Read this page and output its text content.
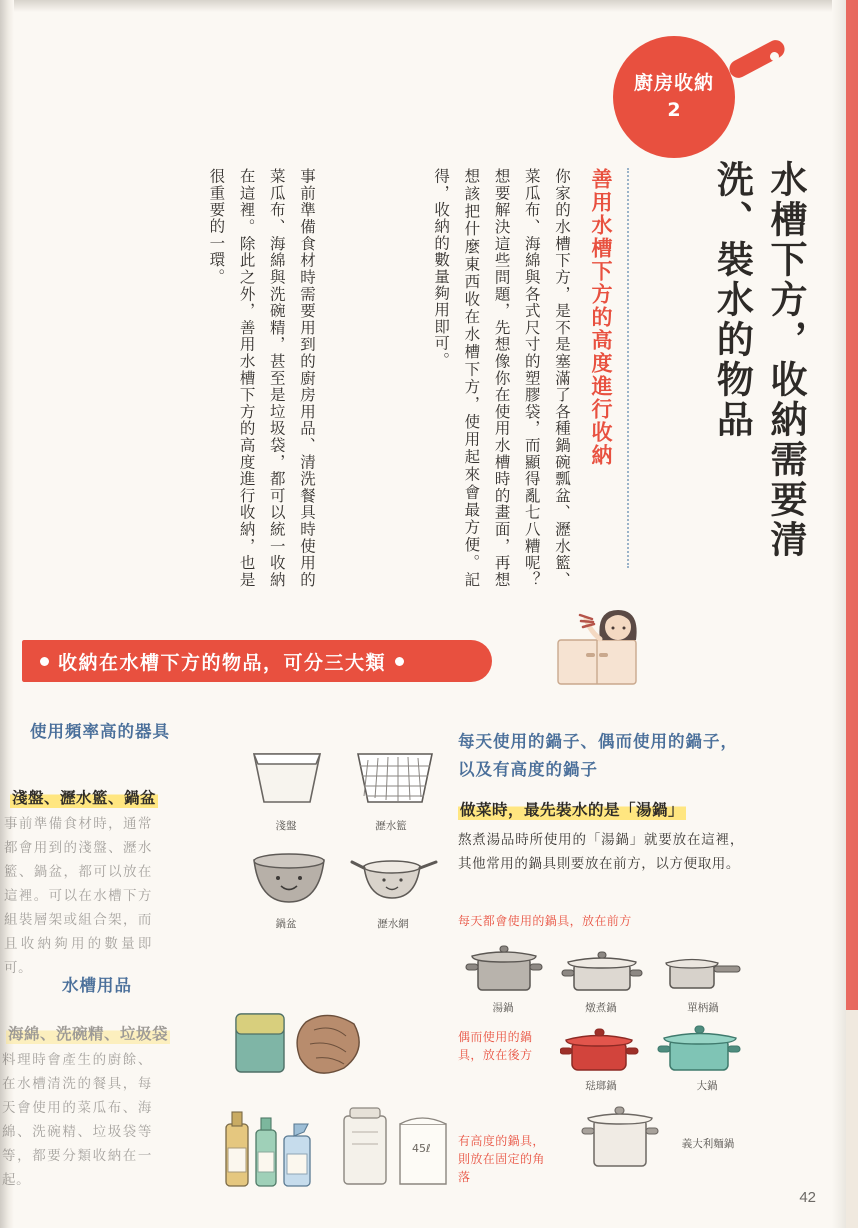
廚房收納
2
水槽下方，收納需要清洗、裝水的物品
善用水槽下方的高度進行收納
你家的水槽下方，是不是塞滿了各種鍋碗瓢盆、瀝水籃、菜瓜布、海綿與各式尺寸的塑膠袋，而顯得亂七八糟呢？想要解決這些問題，先想像你在使用水槽時的畫面，再想想該把什麼東西收在水槽下方，使用起來會最方便。記得，收納的數量夠用即可。
事前準備食材時需要用到的廚房用品、清洗餐具時使用的菜瓜布、海綿與洗碗精，甚至是垃圾袋，都可以統一收納在這裡。除此之外，善用水槽下方的高度進行收納，也是很重要的一環。
收納在水槽下方的物品，可分三大類
使用頻率高的器具
淺盤、瀝水籃、鍋盆
事前準備食材時，通常都會用到的淺盤、瀝水籃、鍋盆，都可以放在這裡。可以在水槽下方組裝層架或組合架，而且收納夠用的數量即可。
水槽用品
海綿、洗碗精、垃圾袋
料理時會產生的廚餘、在水槽清洗的餐具，每天會使用的菜瓜布、海綿、洗碗精、垃圾袋等等，都要分類收納在一起。
淺盤	瀝水籃
鍋盆	瀝水網
45ℓ
每天使用的鍋子、偶而使用的鍋子，以及有高度的鍋子
做菜時，最先裝水的是「湯鍋」
熬煮湯品時所使用的「湯鍋」就要放在這裡，其他常用的鍋具則要放在前方，以方便取用。
每天都會使用的鍋具，放在前方
偶而使用的鍋具，放在後方
有高度的鍋具，則放在固定的角落
湯鍋	燉煮鍋	單柄鍋
琺瑯鍋	大鍋
義大利麵鍋
42
